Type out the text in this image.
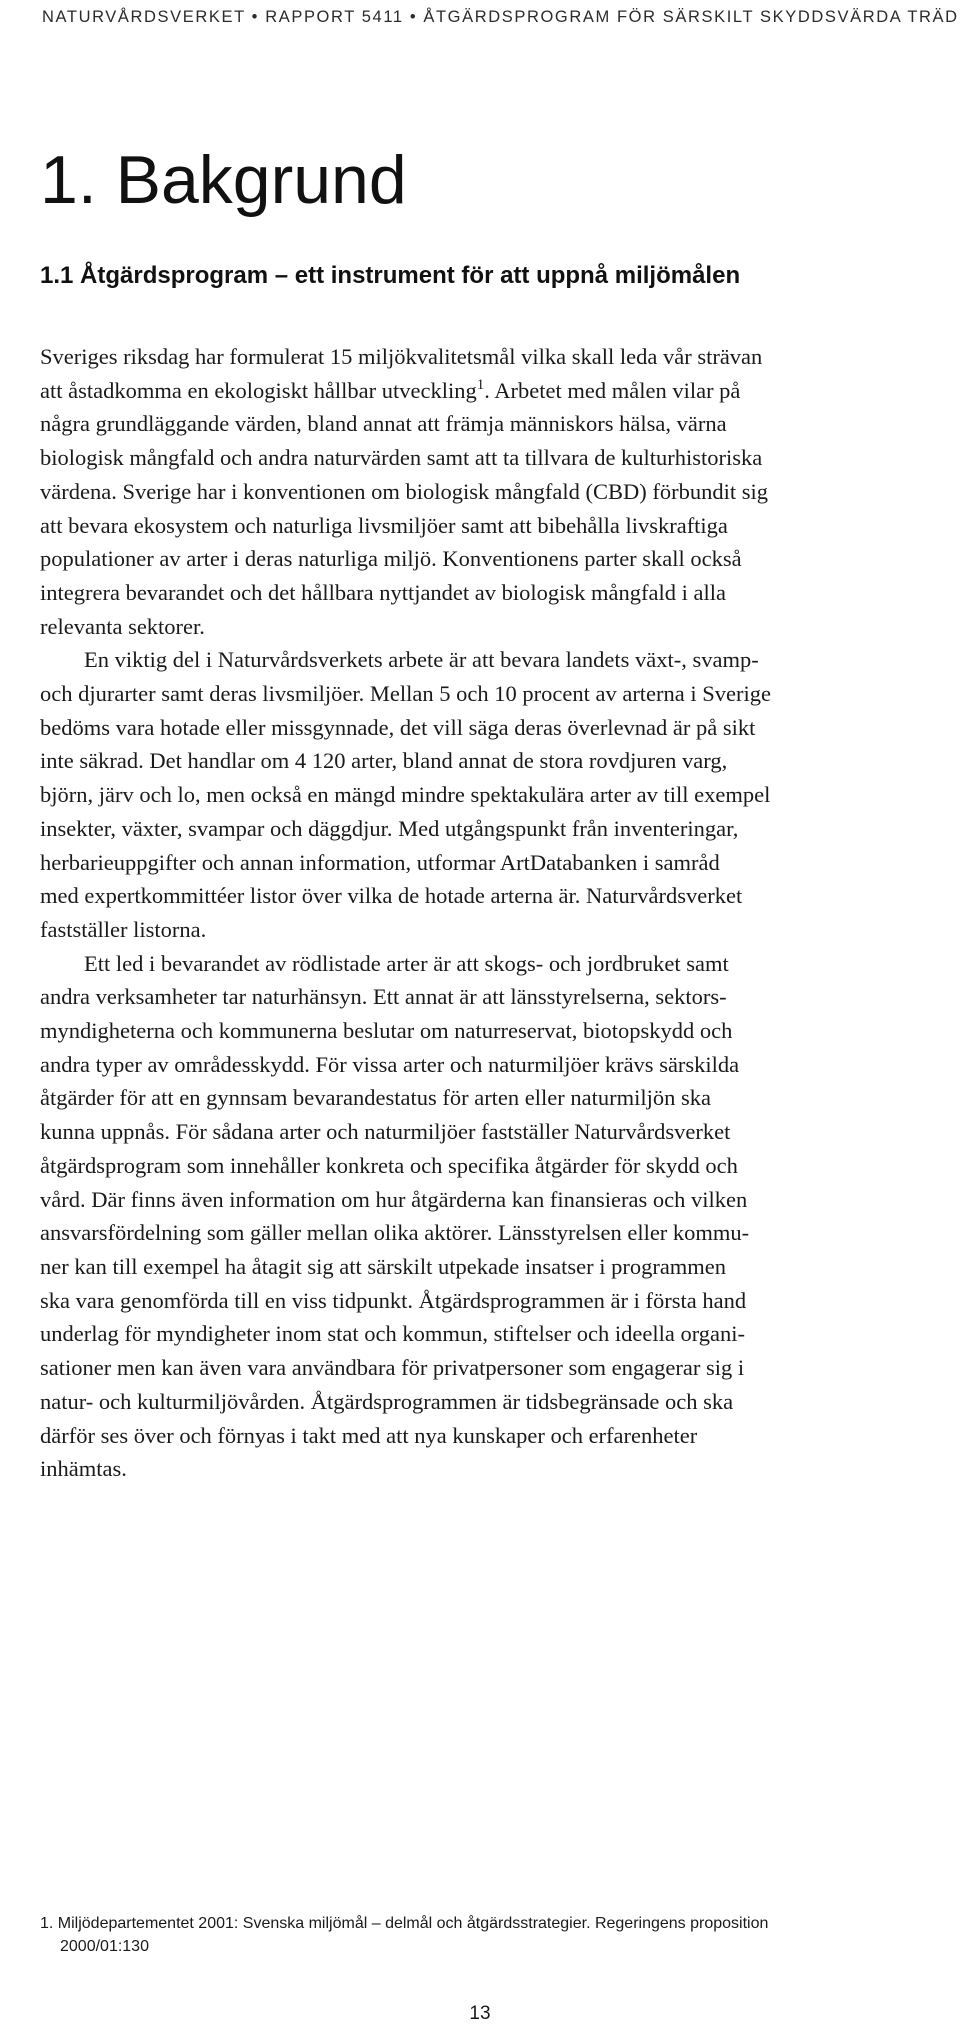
NATURVÅRDSVERKET • RAPPORT 5411 • ÅTGÄRDSPROGRAM FÖR SÄRSKILT SKYDDSVÄRDA TRÄD
1. Bakgrund
1.1 Åtgärdsprogram – ett instrument för att uppnå miljömålen

Sveriges riksdag har formulerat 15 miljökvalitetsmål vilka skall leda vår strävan
att åstadkomma en ekologiskt hållbar utveckling$^1$. Arbetet med målen vilar på
några grundläggande värden, bland annat att främja människors hälsa, värna
biologisk mångfald och andra naturvärden samt att ta tillvara de kulturhistoriska
värdena. Sverige har i konventionen om biologisk mångfald (CBD) förbundit sig
att bevara ekosystem och naturliga livsmiljöer samt att bibehålla livskraftiga
populationer av arter i deras naturliga miljö. Konventionens parter skall också
integrera bevarandet och det hållbara nyttjandet av biologisk mångfald i alla
relevanta sektorer.

En viktig del i Naturvårdsverkets arbete är att bevara landets växt-, svamp-
och djurarter samt deras livsmiljöer. Mellan 5 och 10 procent av arterna i Sverige
bedöms vara hotade eller missgynnade, det vill säga deras överlevnad är på sikt
inte säkrad. Det handlar om 4 120 arter, bland annat de stora rovdjuren varg,
björn, järv och lo, men också en mängd mindre spektakulära arter av till exempel
insekter, växter, svampar och däggdjur. Med utgångspunkt från inventeringar,
herbarieuppgifter och annan information, utformar ArtDatabanken i samråd
med expertkommittéer listor över vilka de hotade arterna är. Naturvårdsverket
fastställer listorna.

Ett led i bevarandet av rödlistade arter är att skogs- och jordbruket samt
andra verksamheter tar naturhänsyn. Ett annat är att länsstyrelserna, sektors-
myndigheterna och kommunerna beslutar om naturreservat, biotopskydd och
andra typer av områdesskydd. För vissa arter och naturmiljöer krävs särskilda
åtgärder för att en gynnsam bevarandestatus för arten eller naturmiljön ska
kunna uppnås. För sådana arter och naturmiljöer fastställer Naturvårdsverket
åtgärdsprogram som innehåller konkreta och specifika åtgärder för skydd och
vård. Där finns även information om hur åtgärderna kan finansieras och vilken
ansvarsfördelning som gäller mellan olika aktörer. Länsstyrelsen eller kommu-
ner kan till exempel ha åtagit sig att särskilt utpekade insatser i programmen
ska vara genomförda till en viss tidpunkt. Åtgärdsprogrammen är i första hand
underlag för myndigheter inom stat och kommun, stiftelser och ideella organi-
sationer men kan även vara användbara för privatpersoner som engagerar sig i
natur- och kulturmiljövården. Åtgärdsprogrammen är tidsbegränsade och ska
därför ses över och förnyas i takt med att nya kunskaper och erfarenheter
inhämtas.

1. Miljödepartementet 2001: Svenska miljömål – delmål och åtgärdsstrategier. Regeringens proposition
2000/01:130
13
